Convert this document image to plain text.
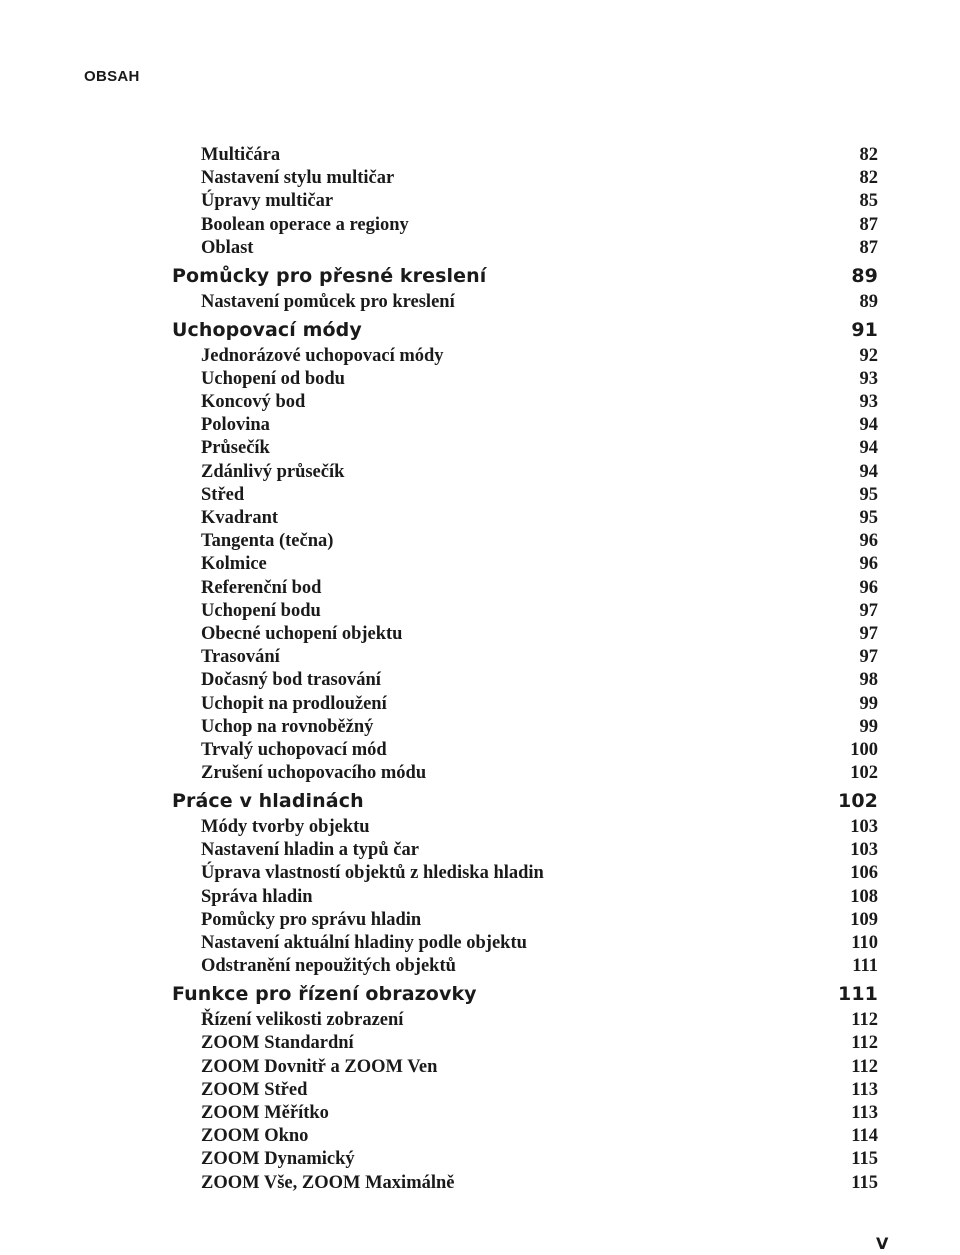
OBSAH
Multičára	82
Nastavení stylu multičar	82
Úpravy multičar	85
Boolean operace a regiony	87
Oblast	87
Pomůcky pro přesné kreslení	89
Nastavení pomůcek pro kreslení	89
Uchopovací módy	91
Jednorázové uchopovací módy	92
Uchopení od bodu	93
Koncový bod	93
Polovina	94
Průsečík	94
Zdánlivý průsečík	94
Střed	95
Kvadrant	95
Tangenta (tečna)	96
Kolmice	96
Referenční bod	96
Uchopení bodu	97
Obecné uchopení objektu	97
Trasování	97
Dočasný bod trasování	98
Uchopit na prodloužení	99
Uchop na rovnoběžný	99
Trvalý uchopovací mód	100
Zrušení uchopovacího módu	102
Práce v hladinách	102
Módy tvorby objektu	103
Nastavení hladin a typů čar	103
Úprava vlastností objektů z hlediska hladin	106
Správa hladin	108
Pomůcky pro správu hladin	109
Nastavení aktuální hladiny podle objektu	110
Odstranění nepoužitých objektů	111
Funkce pro řízení obrazovky	111
Řízení velikosti zobrazení	112
ZOOM Standardní	112
ZOOM Dovnitř a ZOOM Ven	112
ZOOM Střed	113
ZOOM Měřítko	113
ZOOM Okno	114
ZOOM Dynamický	115
ZOOM Vše, ZOOM Maximálně	115
V
